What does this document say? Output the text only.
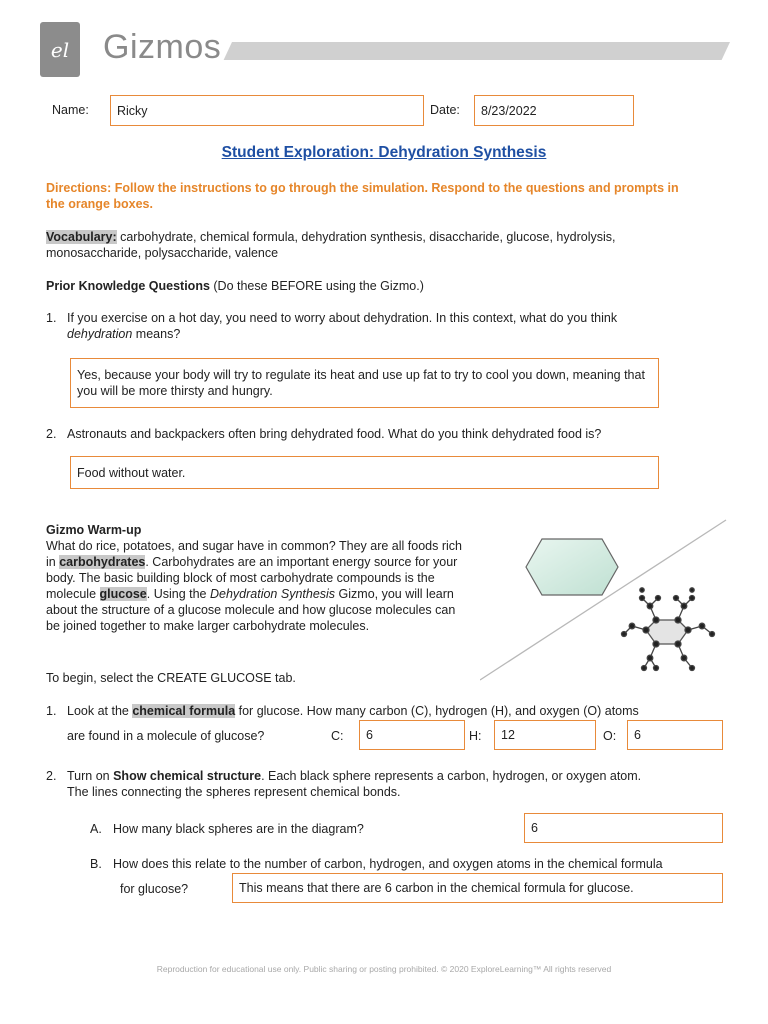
el Gizmos
Name: Ricky	Date: 8/23/2022
Student Exploration: Dehydration Synthesis
Directions: Follow the instructions to go through the simulation. Respond to the questions and prompts in the orange boxes.
Vocabulary: carbohydrate, chemical formula, dehydration synthesis, disaccharide, glucose, hydrolysis, monosaccharide, polysaccharide, valence
Prior Knowledge Questions (Do these BEFORE using the Gizmo.)
1. If you exercise on a hot day, you need to worry about dehydration. In this context, what do you think
dehydration means?
Yes, because your body will try to regulate its heat and use up fat to try to cool you down, meaning that you will be more thirsty and hungry.
2. Astronauts and backpackers often bring dehydrated food. What do you think dehydrated food is?
Food without water.
Gizmo Warm-up
What do rice, potatoes, and sugar have in common? They are all foods rich in carbohydrates. Carbohydrates are an important energy source for your body. The basic building block of most carbohydrate compounds is the molecule glucose. Using the Dehydration Synthesis Gizmo, you will learn about the structure of a glucose molecule and how glucose molecules can be joined together to make larger carbohydrate molecules.
To begin, select the CREATE GLUCOSE tab.
1. Look at the chemical formula for glucose. How many carbon (C), hydrogen (H), and oxygen (O) atoms
are found in a molecule of glucose?	C: 6	H: 12	O: 6
2. Turn on Show chemical structure. Each black sphere represents a carbon, hydrogen, or oxygen atom.
The lines connecting the spheres represent chemical bonds.
A. How many black spheres are in the diagram?	6
B. How does this relate to the number of carbon, hydrogen, and oxygen atoms in the chemical formula
for glucose?	This means that there are 6 carbon in the chemical formula for glucose.
Reproduction for educational use only. Public sharing or posting prohibited. © 2020 ExploreLearning™ All rights reserved
